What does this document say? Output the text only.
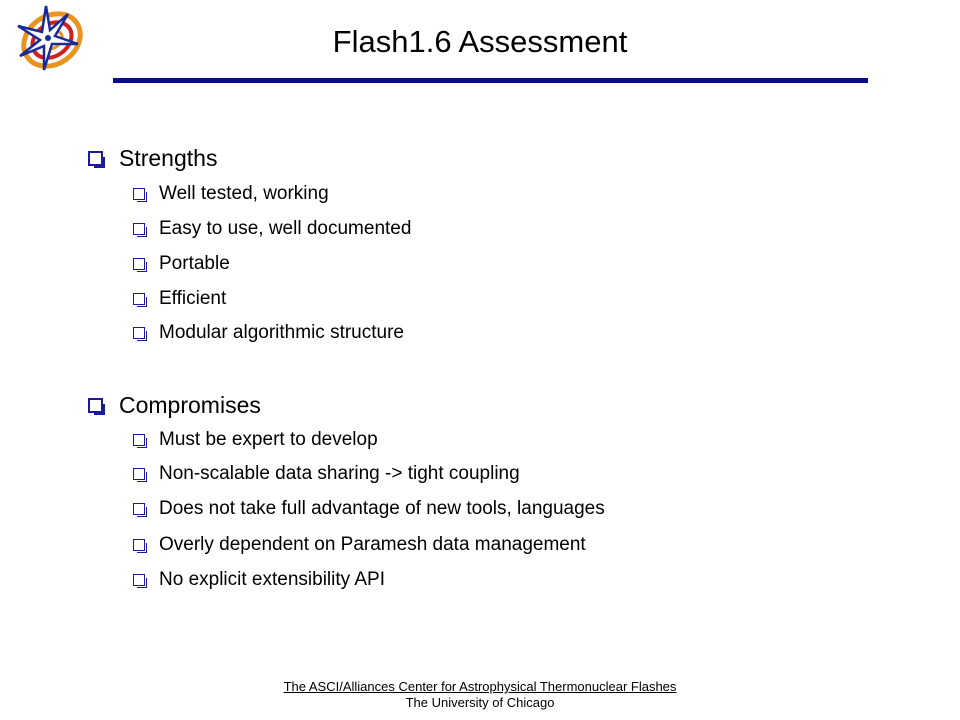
Flash1.6 Assessment
Strengths
Well tested, working
Easy to use, well documented
Portable
Efficient
Modular algorithmic structure
Compromises
Must be expert to develop
Non-scalable data sharing -> tight coupling
Does not take full advantage of new tools, languages
Overly dependent on Paramesh data management
No explicit extensibility API
The ASCI/Alliances Center for Astrophysical Thermonuclear Flashes
The University of Chicago
